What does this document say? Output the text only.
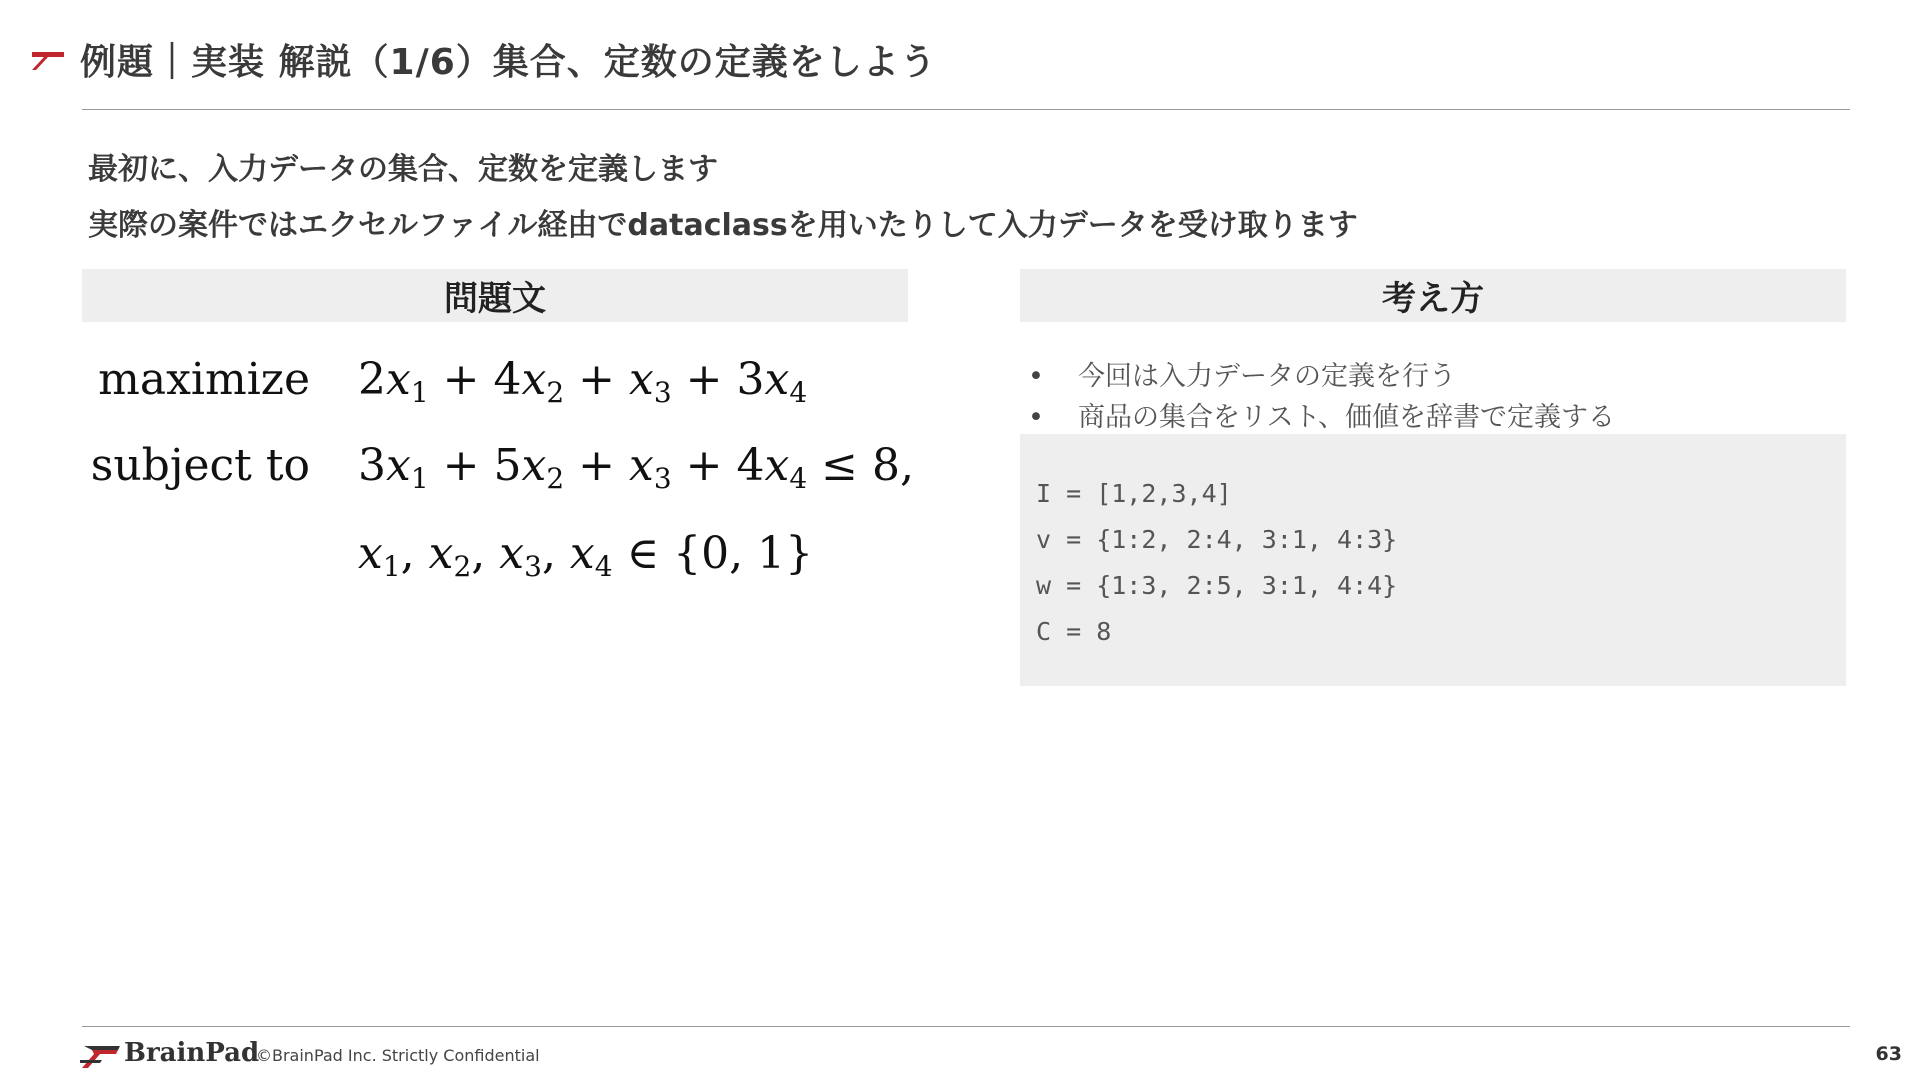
例題｜実装 解説（1/6）集合、定数の定義をしよう
最初に、入力データの集合、定数を定義します
実際の案件ではエクセルファイル経由でdataclassを用いたりして入力データを受け取ります
問題文
maximize $2x_1 + 4x_2 + x_3 + 3x_4$
subject to $3x_1 + 5x_2 + x_3 + 4x_4 \le 8$,
$x_1$, $x_2$, $x_3$, $x_4$ ∈ {0, 1}
考え方
• 今回は入力データの定義を行う
• 商品の集合をリスト、価値を辞書で定義する
I = [1,2,3,4]
v = {1:2, 2:4, 3:1, 4:3}
w = {1:3, 2:5, 3:1, 4:4}
C = 8
BrainPad
©BrainPad Inc. Strictly Confidential	63
